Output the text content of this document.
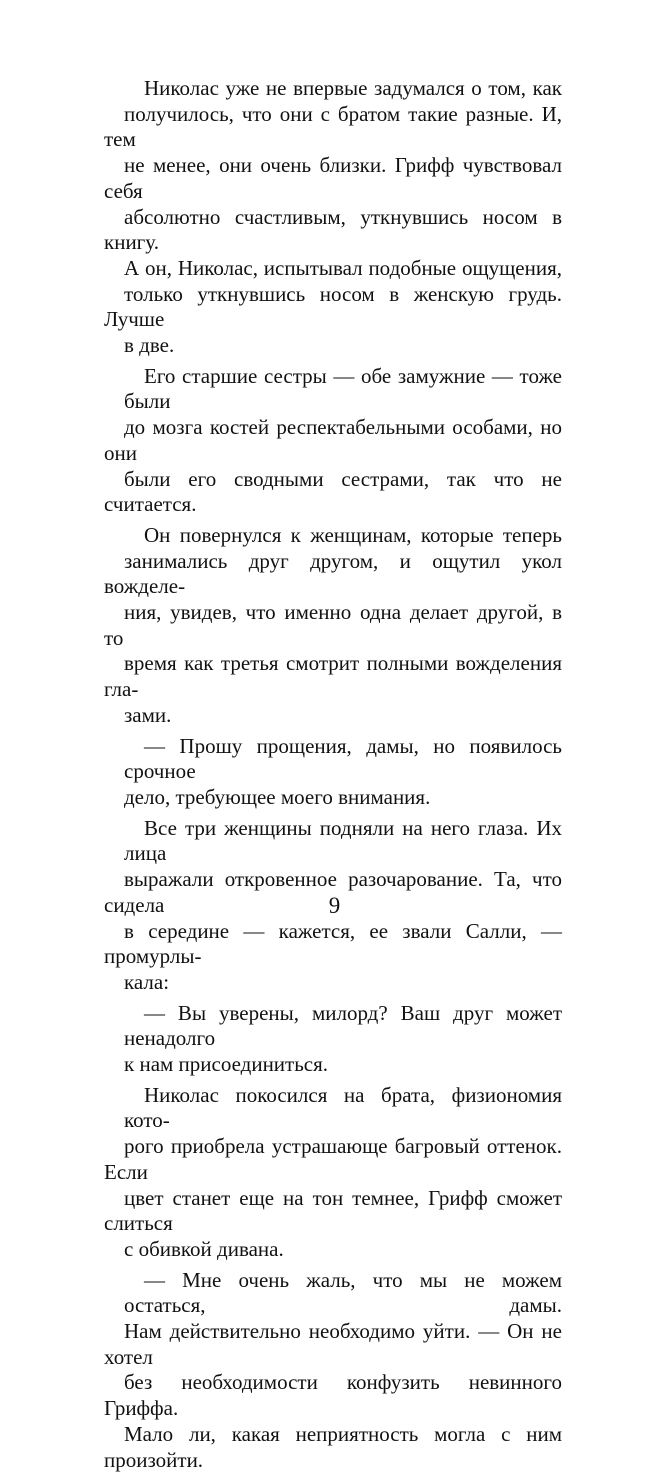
Николас уже не впервые задумался о том, как
получилось, что они с братом такие разные. И, тем
не менее, они очень близки. Грифф чувствовал себя
абсолютно счастливым, уткнувшись носом в книгу.
А он, Николас, испытывал подобные ощущения,
только уткнувшись носом в женскую грудь. Лучше
в две.
Его старшие сестры — обе замужние — тоже были
до мозга костей респектабельными особами, но они
были его сводными сестрами, так что не считается.
Он повернулся к женщинам, которые теперь
занимались друг другом, и ощутил укол вожделе-
ния, увидев, что именно одна делает другой, в то
время как третья смотрит полными вожделения гла-
зами.
— Прошу прощения, дамы, но появилось срочное
дело, требующее моего внимания.
Все три женщины подняли на него глаза. Их лица
выражали откровенное разочарование. Та, что сидела
в середине — кажется, ее звали Салли, — промурлы-
кала:
— Вы уверены, милорд? Ваш друг может ненадолго
к нам присоединиться.
Николас покосился на брата, физиономия кото-
рого приобрела устрашающе багровый оттенок. Если
цвет станет еще на тон темнее, Грифф сможет слиться
с обивкой дивана.
— Мне очень жаль, что мы не можем остаться, дамы.
Нам действительно необходимо уйти. — Он не хотел
без необходимости конфузить невинного Гриффа.
Мало ли, какая неприятность могла с ним произойти.
9
